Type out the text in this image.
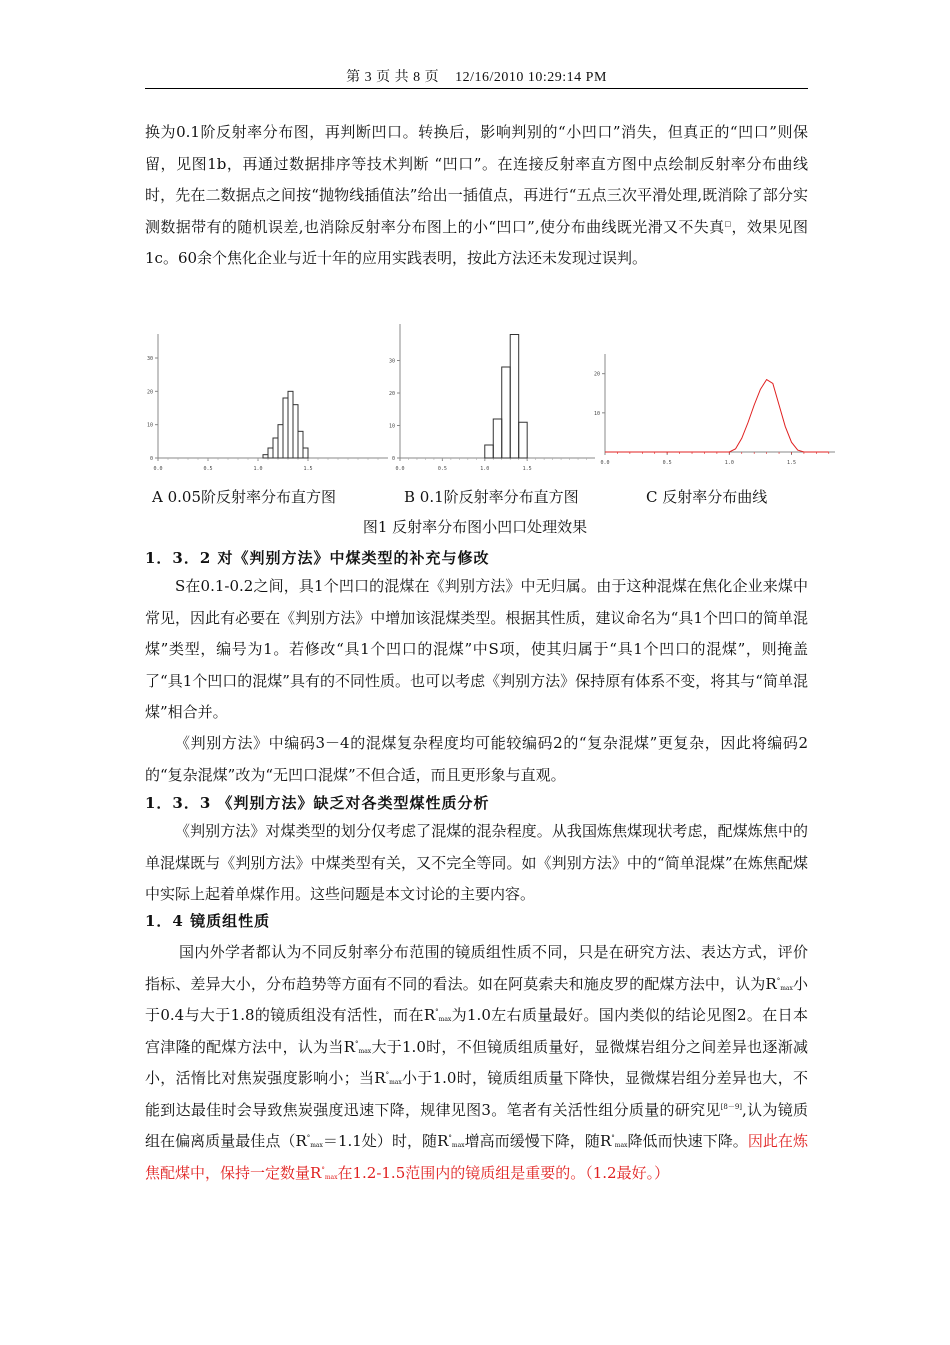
第 3 页 共 8 页 12/16/2010 10:29:14 PM

换为0.1阶反射率分布图，再判断凹口。转换后，影响判别的“小凹口”消失，但真正的“凹口”则保留，见图1b，再通过数据排序等技术判断 “凹口”。在连接反射率直方图中点绘制反射率分布曲线时，先在二数据点之间按“抛物线插值法”给出一插值点，再进行“五点三次平滑处理,既消除了部分实测数据带有的随机误差,也消除反射率分布图上的小“凹口”,使分布曲线既光滑又不失真□，效果见图1c。60余个焦化企业与近十年的应用实践表明，按此方法还未发现过误判。

0.0	0.5	1.0	1.5
0
10
20
30
0.0	0.5	1.0	1.5
0
10
20
30
0.0	0.5	1.0	1.5
10
20

A 0.05阶反射率分布直方图	B 0.1阶反射率分布直方图	C 反射率分布曲线

图1 反射率分布图小凹口处理效果

1．3．2 对《判别方法》中煤类型的补充与修改

S在0.1-0.2之间，具1个凹口的混煤在《判别方法》中无归属。由于这种混煤在焦化企业来煤中常见，因此有必要在《判别方法》中增加该混煤类型。根据其性质，建议命名为“具1个凹口的简单混煤”类型，编号为1。若修改“具1个凹口的混煤”中S项，使其归属于“具1个凹口的混煤”，则掩盖了“具1个凹口的混煤”具有的不同性质。也可以考虑《判别方法》保持原有体系不变，将其与“简单混煤”相合并。

《判别方法》中编码3－4的混煤复杂程度均可能较编码2的“复杂混煤”更复杂，因此将编码2的“复杂混煤”改为“无凹口混煤”不但合适，而且更形象与直观。

1．3．3 《判别方法》缺乏对各类型煤性质分析

《判别方法》对煤类型的划分仅考虑了混煤的混杂程度。从我国炼焦煤现状考虑，配煤炼焦中的单混煤既与《判别方法》中煤类型有关，又不完全等同。如《判别方法》中的“简单混煤”在炼焦配煤中实际上起着单煤作用。这些问题是本文讨论的主要内容。

1．4 镜质组性质

国内外学者都认为不同反射率分布范围的镜质组性质不同，只是在研究方法、表达方式，评价指标、差异大小，分布趋势等方面有不同的看法。如在阿莫索夫和施皮罗的配煤方法中，认为$R^\circ_{max}$小于0.4与大于1.8的镜质组没有活性，而在$R^\circ_{max}$为1.0左右质量最好。国内类似的结论见图2。在日本宫津隆的配煤方法中，认为当$R^\circ_{max}$大于1.0时，不但镜质组质量好，显微煤岩组分之间差异也逐渐减小，活惰比对焦炭强度影响小；当$R^\circ_{max}$小于1.0时，镜质组质量下降快，显微煤岩组分差异也大，不能到达最佳时会导致焦炭强度迅速下降，规律见图3。笔者有关活性组分质量的研究见[8－9],认为镜质组在偏离质量最佳点（$R^\circ_{max}=1.1$处）时，随$R^\circ_{max}$增高而缓慢下降，随$R^\circ_{max}$降低而快速下降。因此在炼焦配煤中，保持一定数量$R^\circ_{max}$在1.2-1.5范围内的镜质组是重要的。（1.2最好。）
